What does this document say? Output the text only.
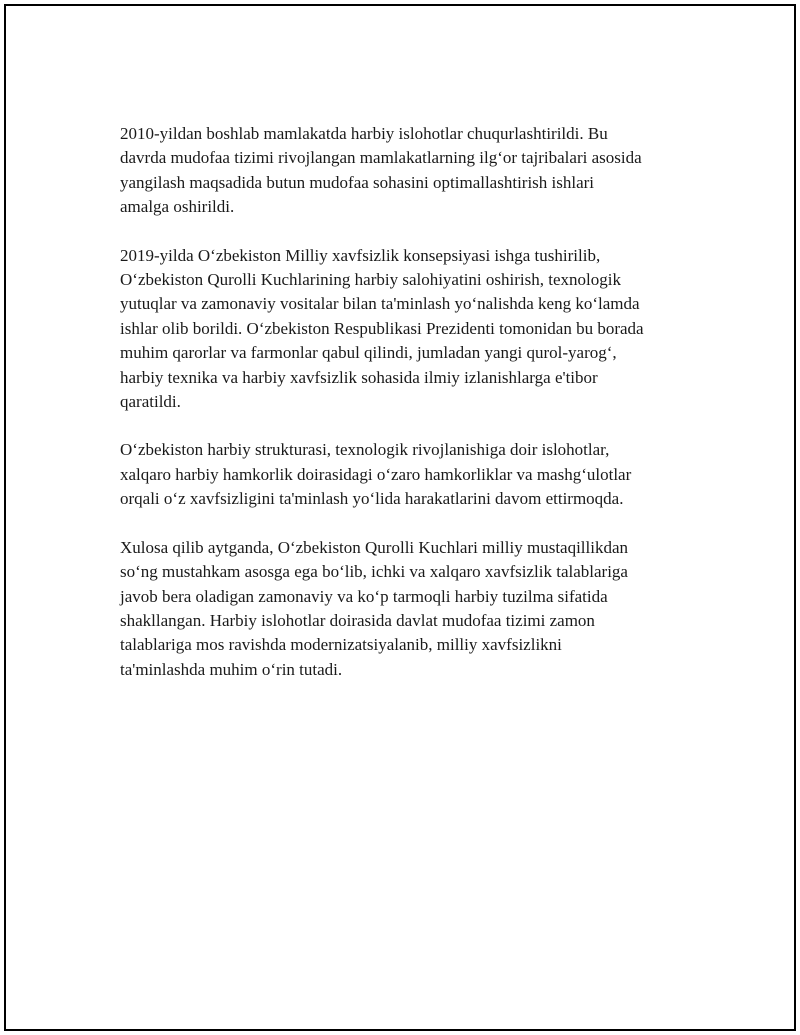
2010-yildan boshlab mamlakatda harbiy islohotlar chuqurlashtirildi. Bu
davrda mudofaa tizimi rivojlangan mamlakatlarning ilg‘or tajribalari asosida
yangilash maqsadida butun mudofaa sohasini optimallashtirish ishlari
amalga oshirildi.

2019-yilda O‘zbekiston Milliy xavfsizlik konsepsiyasi ishga tushirilib,
O‘zbekiston Qurolli Kuchlarining harbiy salohiyatini oshirish, texnologik
yutuqlar va zamonaviy vositalar bilan ta'minlash yo‘nalishda keng ko‘lamda
ishlar olib borildi. O‘zbekiston Respublikasi Prezidenti tomonidan bu borada
muhim qarorlar va farmonlar qabul qilindi, jumladan yangi qurol-yarog‘,
harbiy texnika va harbiy xavfsizlik sohasida ilmiy izlanishlarga e'tibor
qaratildi.

O‘zbekiston harbiy strukturasi, texnologik rivojlanishiga doir islohotlar,
xalqaro harbiy hamkorlik doirasidagi o‘zaro hamkorliklar va mashg‘ulotlar
orqali o‘z xavfsizligini ta'minlash yo‘lida harakatlarini davom ettirmoqda.

Xulosa qilib aytganda, O‘zbekiston Qurolli Kuchlari milliy mustaqillikdan
so‘ng mustahkam asosga ega bo‘lib, ichki va xalqaro xavfsizlik talablariga
javob bera oladigan zamonaviy va ko‘p tarmoqli harbiy tuzilma sifatida
shakllangan. Harbiy islohotlar doirasida davlat mudofaa tizimi zamon
talablariga mos ravishda modernizatsiyalanib, milliy xavfsizlikni
ta'minlashda muhim o‘rin tutadi.
